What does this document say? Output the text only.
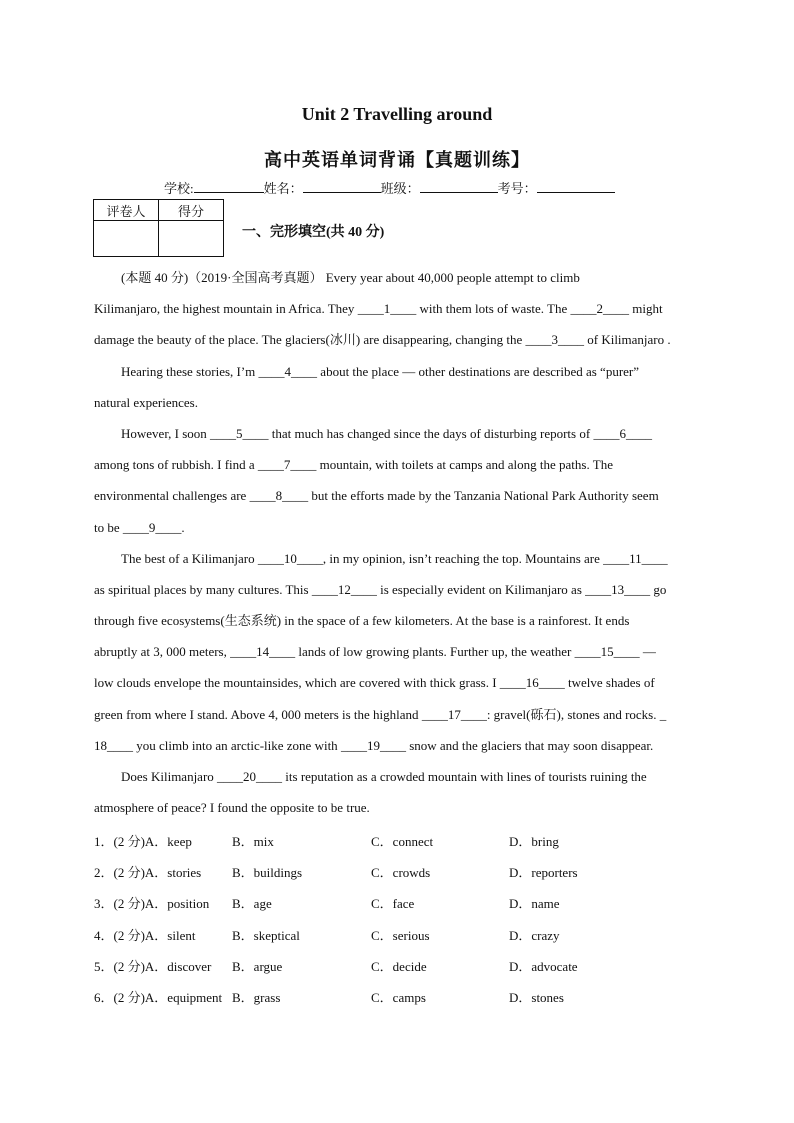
Unit 2 Travelling around
高中英语单词背诵【真题训练】
学校:	姓名：	班级：	考号：
评卷人	得分

一、完形填空(共 40 分)
(本题 40 分)（2019·全国高考真题） Every year about 40,000 people attempt to climb
Kilimanjaro, the highest mountain in Africa. They ____1____ with them lots of waste. The ____2____ might
damage the beauty of the place. The glaciers(冰川) are disappearing, changing the ____3____ of Kilimanjaro .
Hearing these stories, I’m ____4____ about the place — other destinations are described as “purer”
natural experiences.
However, I soon ____5____ that much has changed since the days of disturbing reports of ____6____
among tons of rubbish. I find a ____7____ mountain, with toilets at camps and along the paths. The
environmental challenges are ____8____ but the efforts made by the Tanzania National Park Authority seem
to be ____9____.
The best of a Kilimanjaro ____10____, in my opinion, isn’t reaching the top. Mountains are ____11____
as spiritual places by many cultures. This ____12____ is especially evident on Kilimanjaro as ____13____ go
through five ecosystems(生态系统) in the space of a few kilometers. At the base is a rainforest. It ends
abruptly at 3, 000 meters, ____14____ lands of low growing plants. Further up, the weather ____15____ —
low clouds envelope the mountainsides, which are covered with thick grass. I ____16____ twelve shades of
green from where I stand. Above 4, 000 meters is the highland ____17____: gravel(砾石), stones and rocks. _
18____ you climb into an arctic-like zone with ____19____ snow and the glaciers that may soon disappear.
Does Kilimanjaro ____20____ its reputation as a crowded mountain with lines of tourists ruining the
atmosphere of peace? I found the opposite to be true.
1．(2 分)A．keep	B．mix	C．connect	D．bring
2．(2 分)A．stories B．buildings	C．crowds	D．reporters
3．(2 分)A．position B．age	C．face	D．name
4．(2 分)A．silent	B．skeptical	C．serious	D．crazy
5．(2 分)A．discover B．argue	C．decide	D．advocate
6．(2 分)A．equipment B．grass	C．camps	D．stones
